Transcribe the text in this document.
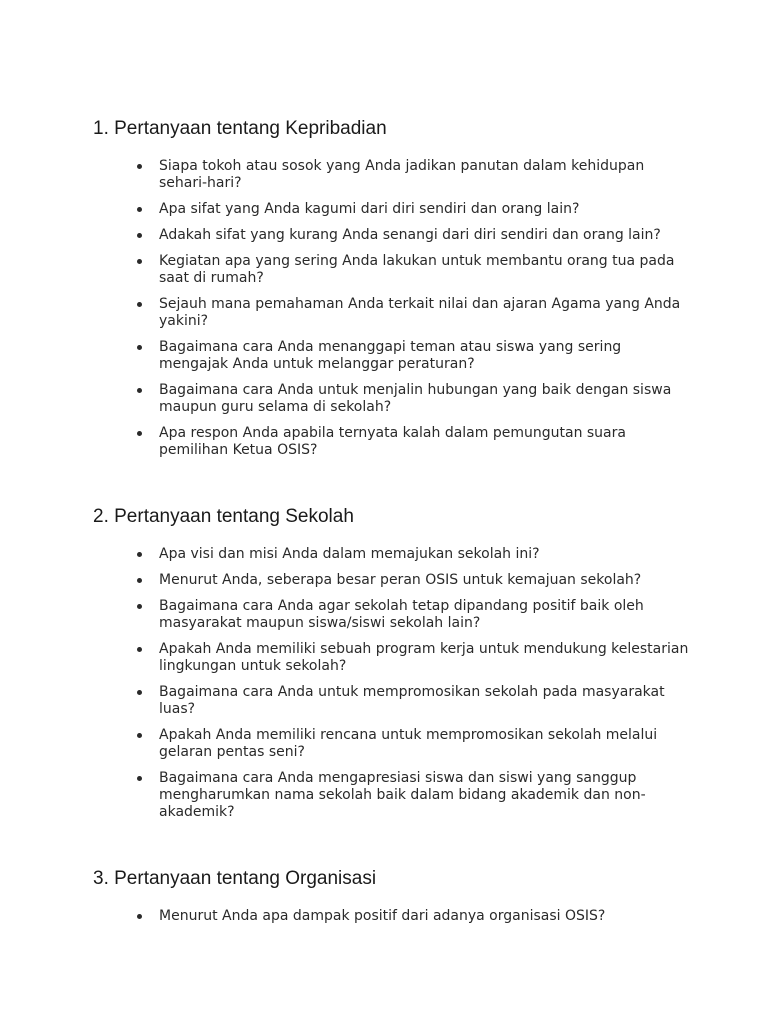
1. Pertanyaan tentang Kepribadian
Siapa tokoh atau sosok yang Anda jadikan panutan dalam kehidupan sehari-hari?
Apa sifat yang Anda kagumi dari diri sendiri dan orang lain?
Adakah sifat yang kurang Anda senangi dari diri sendiri dan orang lain?
Kegiatan apa yang sering Anda lakukan untuk membantu orang tua pada saat di rumah?
Sejauh mana pemahaman Anda terkait nilai dan ajaran Agama yang Anda yakini?
Bagaimana cara Anda menanggapi teman atau siswa yang sering mengajak Anda untuk melanggar peraturan?
Bagaimana cara Anda untuk menjalin hubungan yang baik dengan siswa maupun guru selama di sekolah?
Apa respon Anda apabila ternyata kalah dalam pemungutan suara pemilihan Ketua OSIS?
2. Pertanyaan tentang Sekolah
Apa visi dan misi Anda dalam memajukan sekolah ini?
Menurut Anda, seberapa besar peran OSIS untuk kemajuan sekolah?
Bagaimana cara Anda agar sekolah tetap dipandang positif baik oleh masyarakat maupun siswa/siswi sekolah lain?
Apakah Anda memiliki sebuah program kerja untuk mendukung kelestarian lingkungan untuk sekolah?
Bagaimana cara Anda untuk mempromosikan sekolah pada masyarakat luas?
Apakah Anda memiliki rencana untuk mempromosikan sekolah melalui gelaran pentas seni?
Bagaimana cara Anda mengapresiasi siswa dan siswi yang sanggup mengharumkan nama sekolah baik dalam bidang akademik dan non-akademik?
3. Pertanyaan tentang Organisasi
Menurut Anda apa dampak positif dari adanya organisasi OSIS?
